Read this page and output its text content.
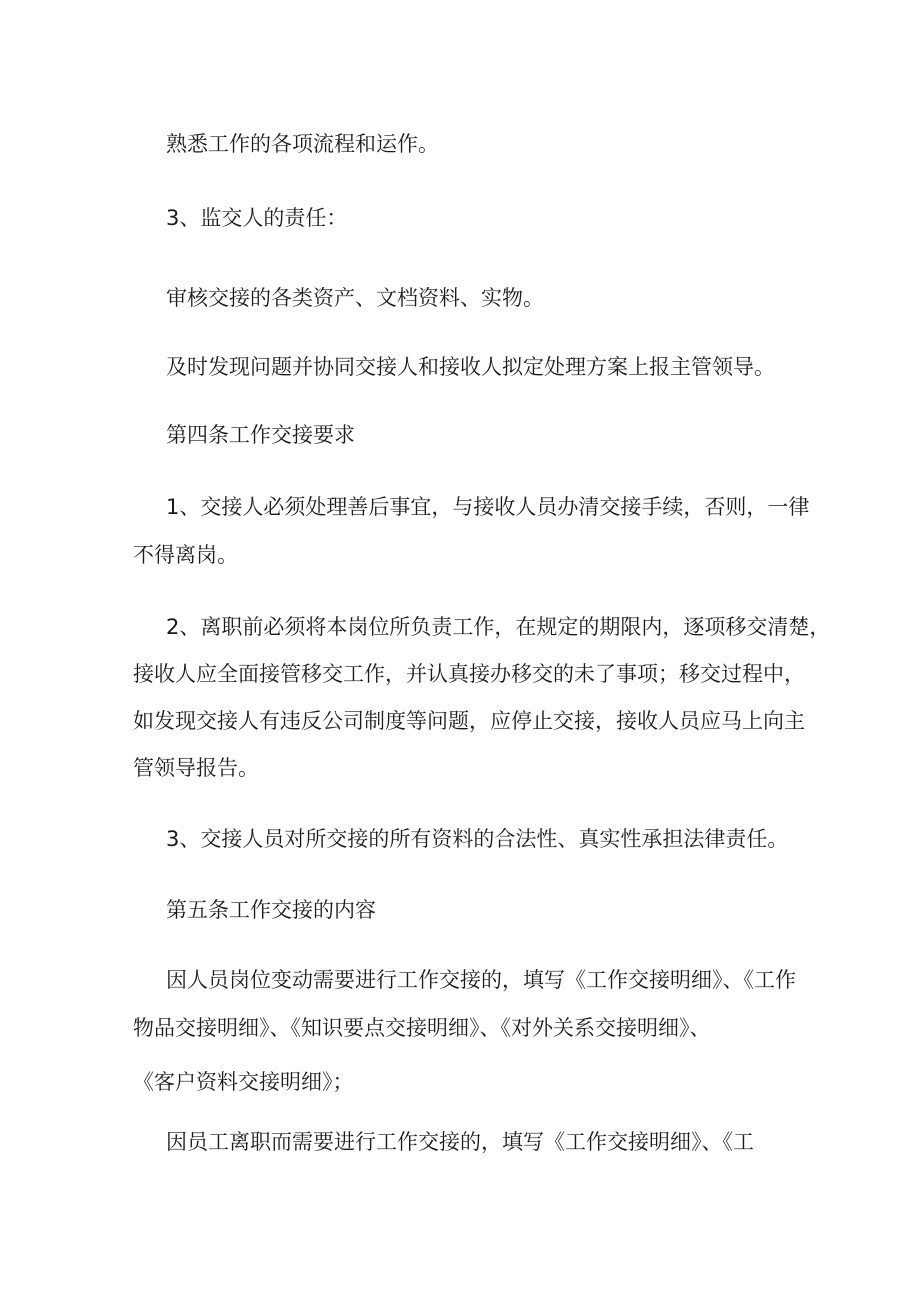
熟悉工作的各项流程和运作。

3、监交人的责任：

审核交接的各类资产、文档资料、实物。

及时发现问题并协同交接人和接收人拟定处理方案上报主管领导。

第四条工作交接要求

1、交接人必须处理善后事宜，与接收人员办清交接手续，否则，一律

不得离岗。

2、离职前必须将本岗位所负责工作，在规定的期限内，逐项移交清楚，

接收人应全面接管移交工作，并认真接办移交的未了事项；移交过程中，

如发现交接人有违反公司制度等问题，应停止交接，接收人员应马上向主

管领导报告。

3、交接人员对所交接的所有资料的合法性、真实性承担法律责任。

第五条工作交接的内容

因人员岗位变动需要进行工作交接的，填写《工作交接明细》、《工作

物品交接明细》、《知识要点交接明细》、《对外关系交接明细》、

《客户资料交接明细》；

因员工离职而需要进行工作交接的，填写《工作交接明细》、《工
